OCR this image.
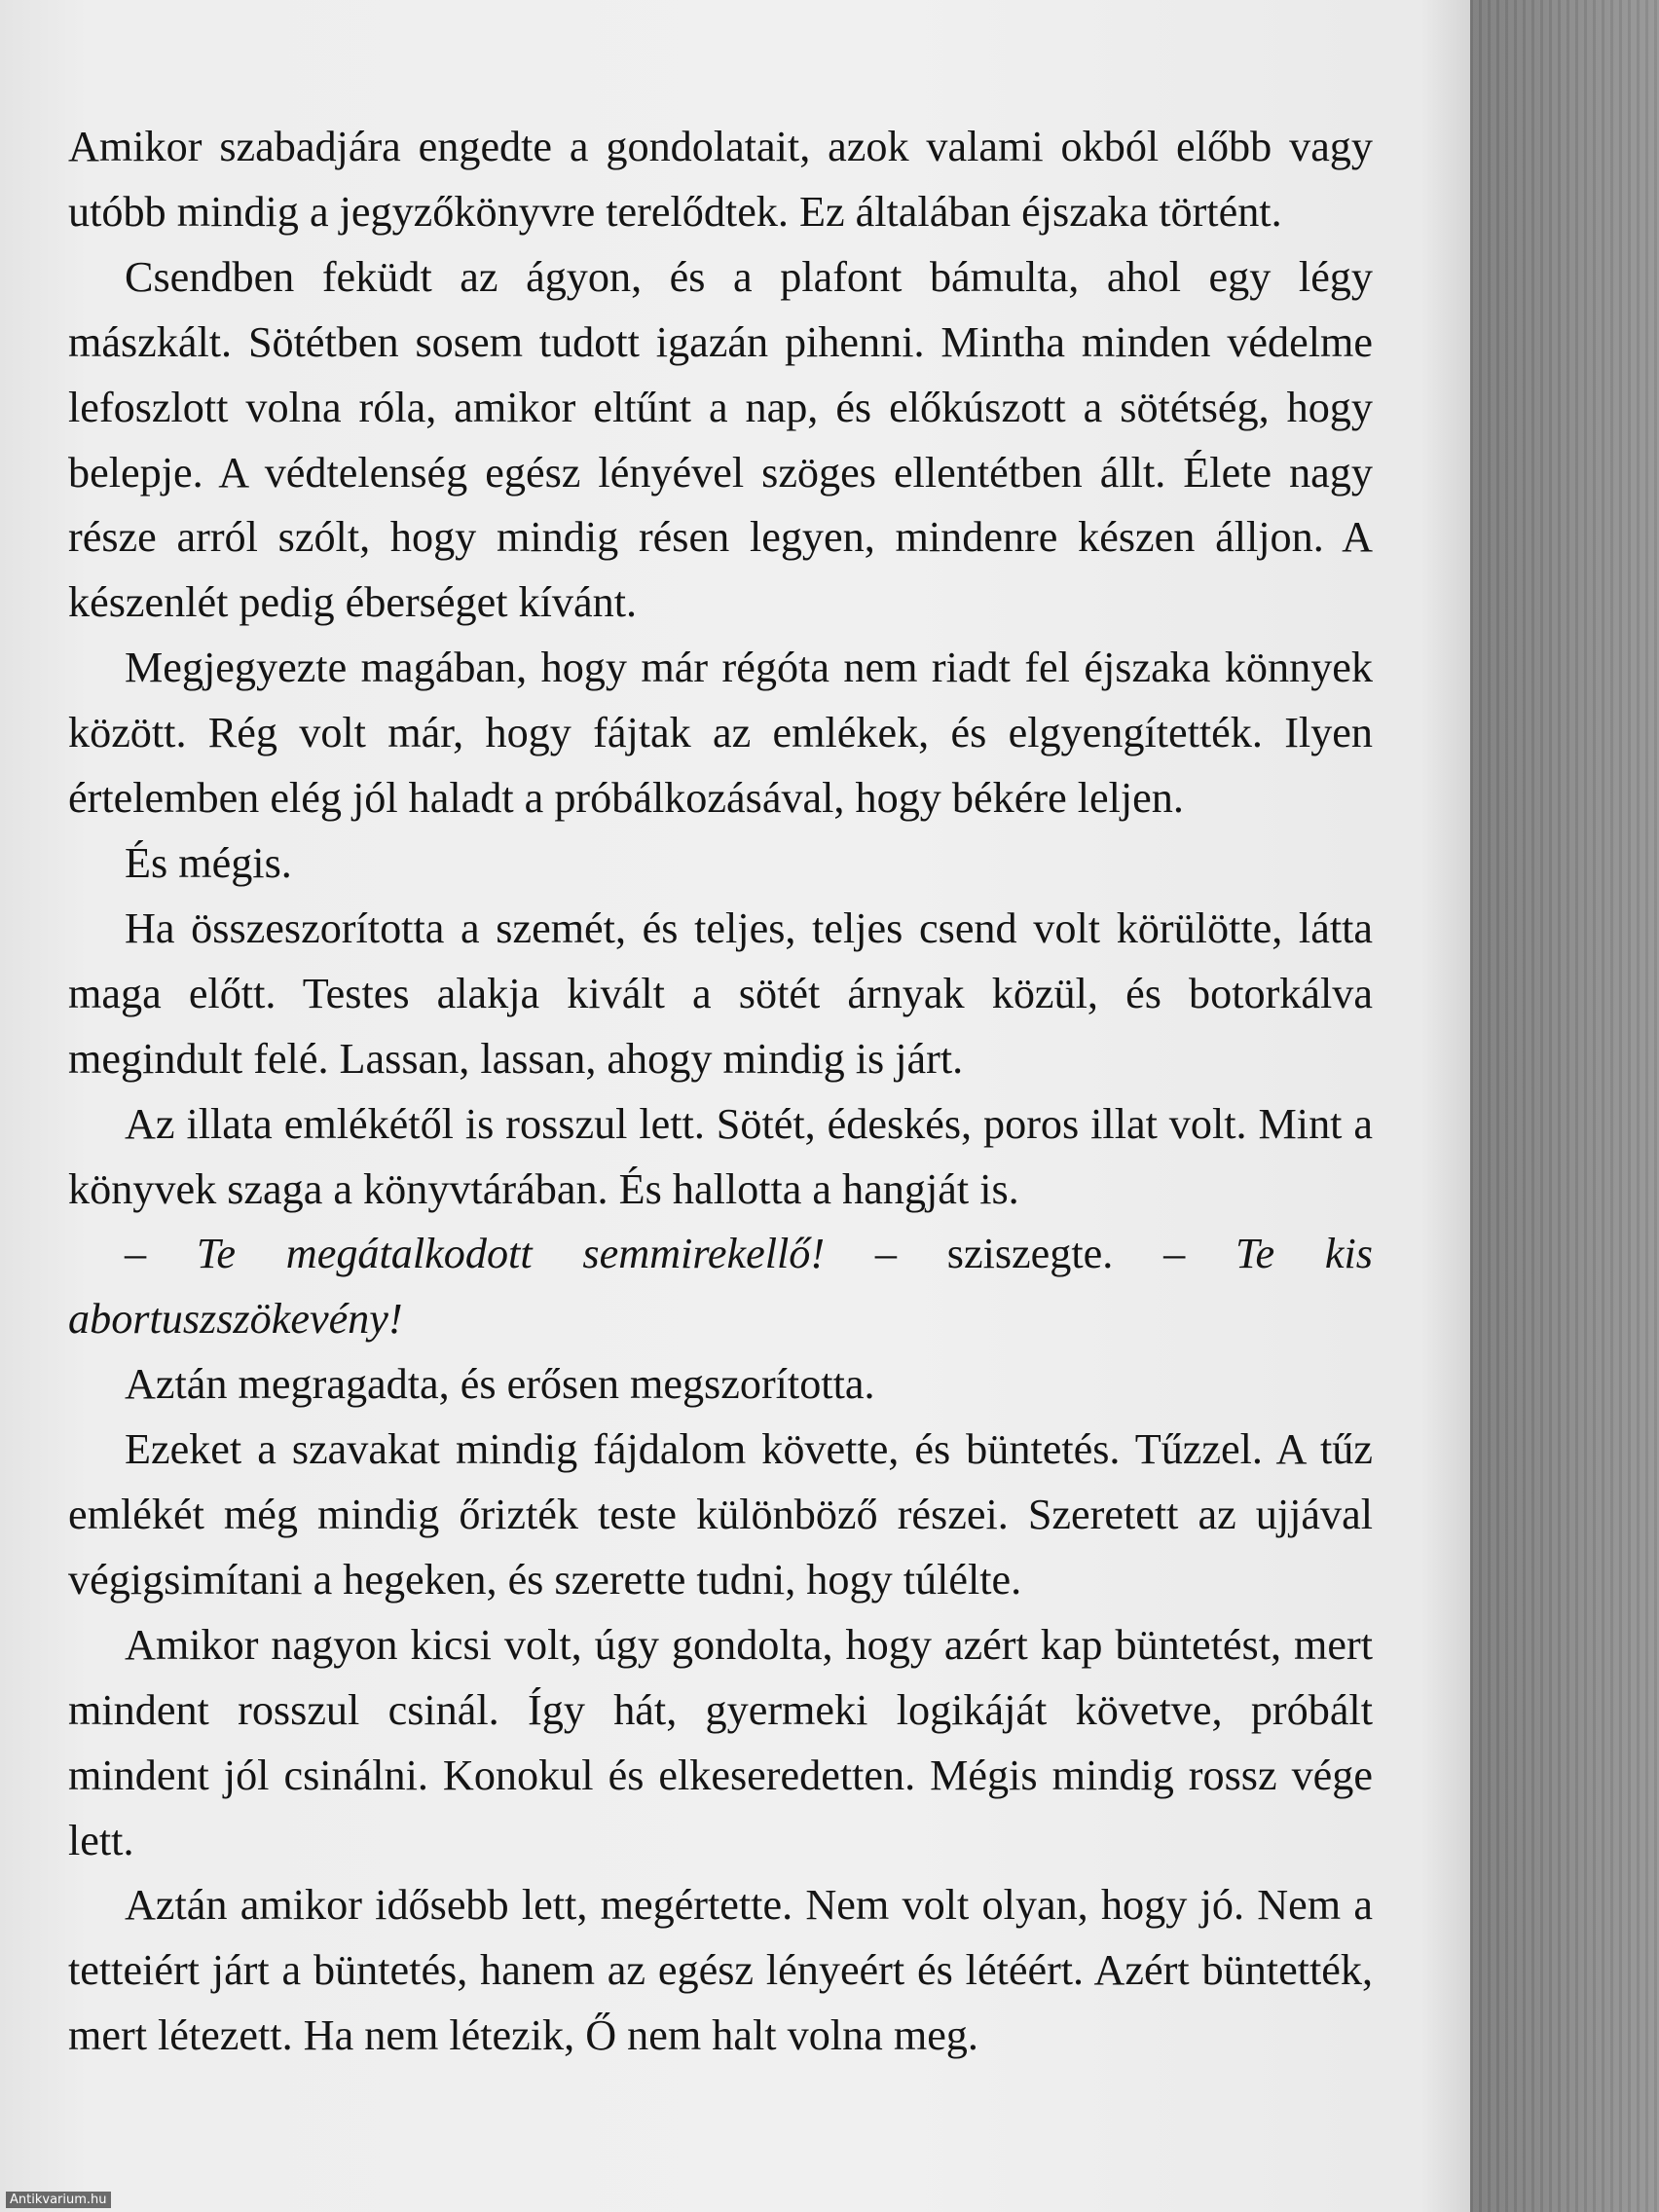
Amikor szabadjára engedte a gondolatait, azok valami okból előbb vagy utóbb mindig a jegyzőkönyvre terelődtek. Ez általában éjszaka történt.

Csendben feküdt az ágyon, és a plafont bámulta, ahol egy légy mászkált. Sötétben sosem tudott igazán pihenni. Mintha minden védelme lefoszlott volna róla, amikor eltűnt a nap, és előkúszott a sötétség, hogy belepje. A védtelenség egész lényével szöges ellentétben állt. Élete nagy része arról szólt, hogy mindig résen legyen, mindenre készen álljon. A készenlét pedig éberséget kívánt.

Megjegyezte magában, hogy már régóta nem riadt fel éjszaka könnyek között. Rég volt már, hogy fájtak az emlékek, és elgyengítették. Ilyen értelemben elég jól haladt a próbálkozásával, hogy békére leljen.

És mégis.

Ha összeszorította a szemét, és teljes, teljes csend volt körülötte, látta maga előtt. Testes alakja kivált a sötét árnyak közül, és botorkálva megindult felé. Lassan, lassan, ahogy mindig is járt.

Az illata emlékétől is rosszul lett. Sötét, édeskés, poros illat volt. Mint a könyvek szaga a könyvtárában. És hallotta a hangját is.

– Te megátalkodott semmirekellő! – sziszegte. – Te kis abortuszszökevény!

Aztán megragadta, és erősen megszorította.

Ezeket a szavakat mindig fájdalom követte, és büntetés. Tűzzel. A tűz emlékét még mindig őrizték teste különböző részei. Szeretett az ujjával végigsimítani a hegeken, és szerette tudni, hogy túlélte.

Amikor nagyon kicsi volt, úgy gondolta, hogy azért kap büntetést, mert mindent rosszul csinál. Így hát, gyermeki logikáját követve, próbált mindent jól csinálni. Konokul és elkeseredetten. Mégis mindig rossz vége lett.

Aztán amikor idősebb lett, megértette. Nem volt olyan, hogy jó. Nem a tetteiért járt a büntetés, hanem az egész lényeért és létéért. Azért büntették, mert létezett. Ha nem létezik, Ő nem halt volna meg.

Antikvarium.hu
